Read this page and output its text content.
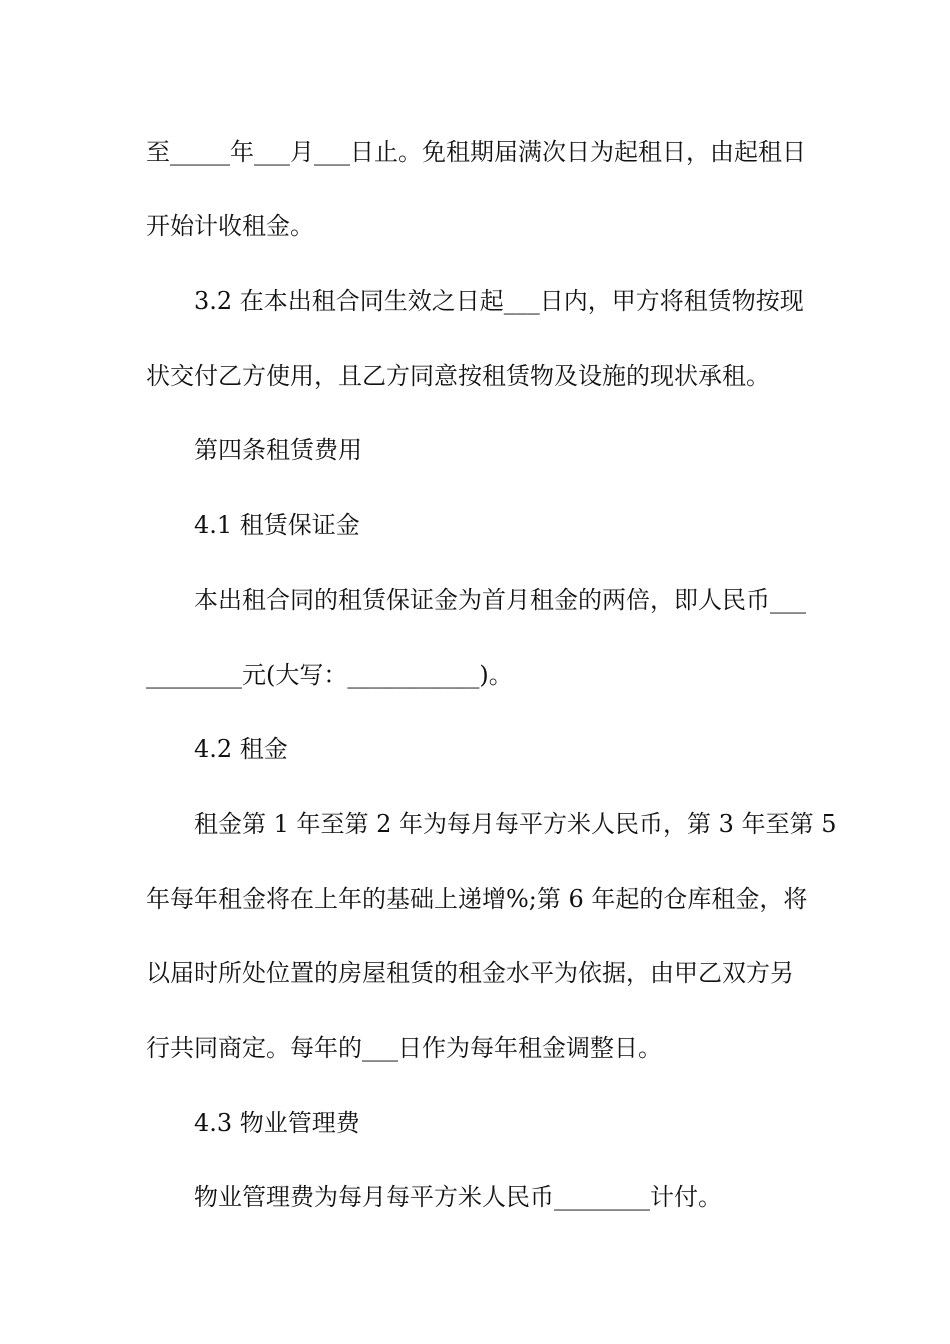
至_____年___月___日止。免租期届满次日为起租日，由起租日
开始计收租金。
3.2 在本出租合同生效之日起___日内，甲方将租赁物按现
状交付乙方使用，且乙方同意按租赁物及设施的现状承租。
第四条租赁费用
4.1 租赁保证金
本出租合同的租赁保证金为首月租金的两倍，即人民币___
________元(大写：___________)。
4.2 租金
租金第 1 年至第 2 年为每月每平方米人民币，第 3 年至第 5
年每年租金将在上年的基础上递增%;第 6 年起的仓库租金，将
以届时所处位置的房屋租赁的租金水平为依据，由甲乙双方另
行共同商定。每年的___日作为每年租金调整日。
4.3 物业管理费
物业管理费为每月每平方米人民币________计付。
